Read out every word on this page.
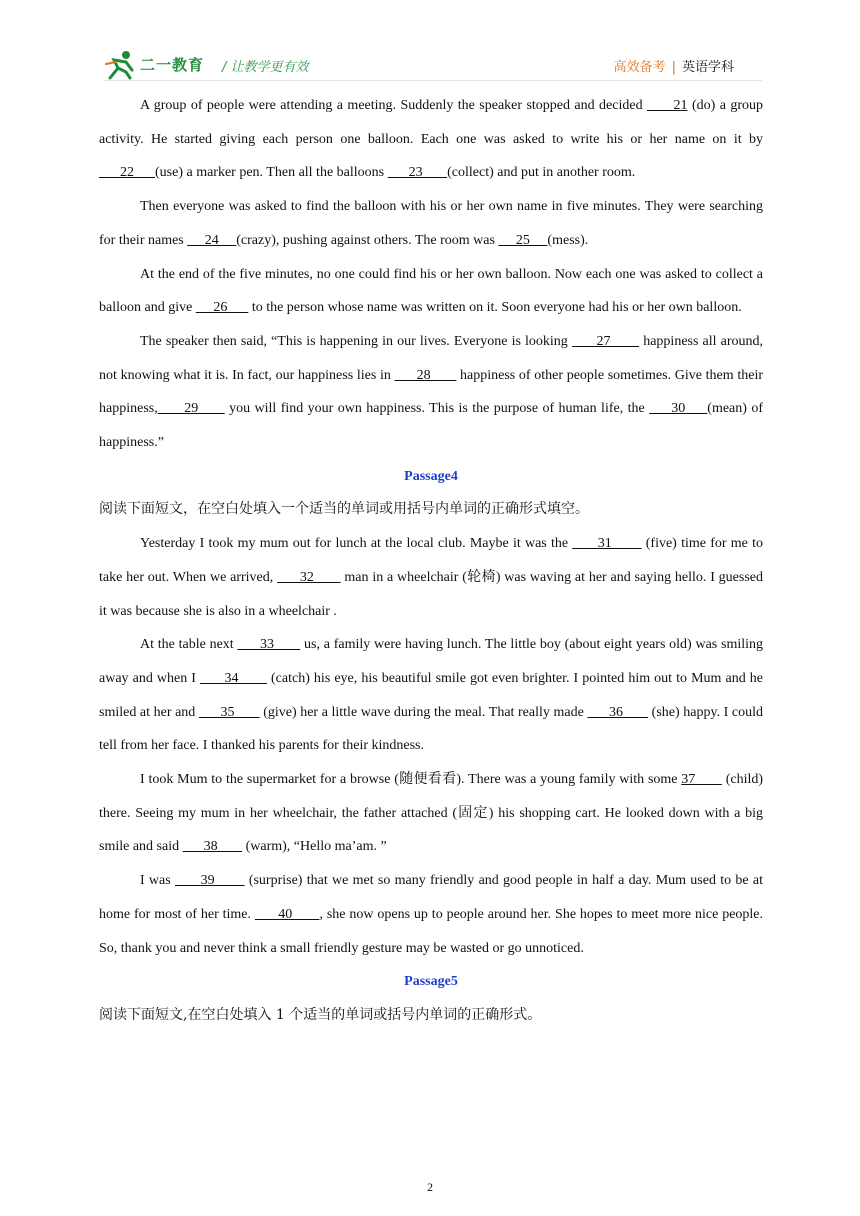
二一教育 / 让教学更有效	高效备考 | 英语学科

A group of people were attending a meeting. Suddenly the speaker stopped and decided       21 (do) a group activity. He started giving each person one balloon. Each one was asked to write his or her name on it by       22      (use) a marker pen. Then all the balloons       23       (collect) and put in another room.

Then everyone was asked to find the balloon with his or her own name in five minutes. They were searching for their names      24     (crazy), pushing against others. The room was      25     (mess).

At the end of the five minutes, no one could find his or her own balloon. Now each one was asked to collect a balloon and give      26       to the person whose name was written on it. Soon everyone had his or her own balloon.

The speaker then said, “This is happening in our lives. Everyone is looking       27        happiness all around, not knowing what it is. In fact, our happiness lies in       28        happiness of other people sometimes. Give them their happiness,      29       you will find your own happiness. This is the purpose of human life, the      30     (mean) of happiness.”

Passage4

阅读下面短文，在空白处填入一个适当的单词或用括号内单词的正确形式填空。

Yesterday I took my mum out for lunch at the local club. Maybe it was the       31        (five) time for me to take her out. When we arrived,       32        man in a wheelchair (轮椅) was waving at her and saying hello. I guessed it was because she is also in a wheelchair .

At the table next       33        us, a family were having lunch. The little boy (about eight years old) was smiling away and when I       34        (catch) his eye, his beautiful smile got even brighter. I pointed him out to Mum and he smiled at her and       35        (give) her a little wave during the meal. That really made       36        (she) happy. I could tell from her face. I thanked his parents for their kindness.

I took Mum to the supermarket for a browse (随便看看). There was a young family with some 37        (child) there. Seeing my mum in her wheelchair, the father attached (固定) his shopping cart. He looked down with a big smile and said       38        (warm), “Hello ma’am. ”

I was       39        (surprise) that we met so many friendly and good people in half a day. Mum used to be at home for most of her time.       40       , she now opens up to people around her. She hopes to meet more nice people. So, thank you and never think a small friendly gesture may be wasted or go unnoticed.

Passage5

阅读下面短文,在空白处填入 1 个适当的单词或括号内单词的正确形式。

2
